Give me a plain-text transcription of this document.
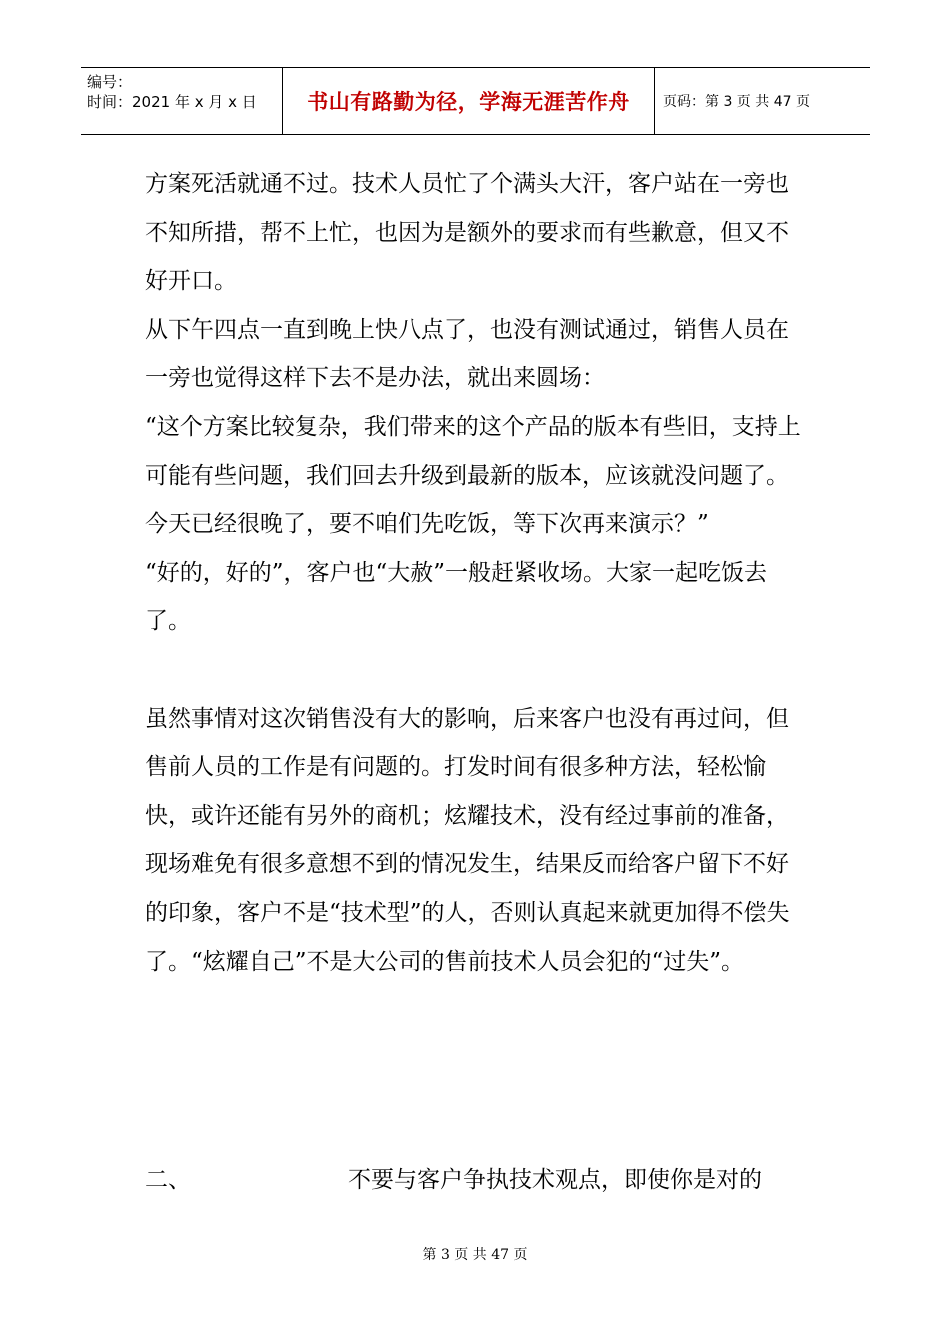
编号：
时间：2021 年 x 月 x 日	书山有路勤为径，学海无涯苦作舟 页码：第 3 页 共 47 页

方案死活就通不过。技术人员忙了个满头大汗，客户站在一旁也不知所措，帮不上忙，也因为是额外的要求而有些歉意，但又不好开口。

从下午四点一直到晚上快八点了，也没有测试通过，销售人员在一旁也觉得这样下去不是办法，就出来圆场：

“这个方案比较复杂，我们带来的这个产品的版本有些旧，支持上可能有些问题，我们回去升级到最新的版本，应该就没问题了。今天已经很晚了，要不咱们先吃饭，等下次再来演示？”

“好的，好的”，客户也“大赦”一般赶紧收场。大家一起吃饭去了。

虽然事情对这次销售没有大的影响，后来客户也没有再过问，但售前人员的工作是有问题的。打发时间有很多种方法，轻松愉快，或许还能有另外的商机；炫耀技术，没有经过事前的准备，现场难免有很多意想不到的情况发生，结果反而给客户留下不好的印象，客户不是“技术型”的人，否则认真起来就更加得不偿失了。“炫耀自己”不是大公司的售前技术人员会犯的“过失”。

二、	不要与客户争执技术观点，即使你是对的
第 3 页 共 47 页
